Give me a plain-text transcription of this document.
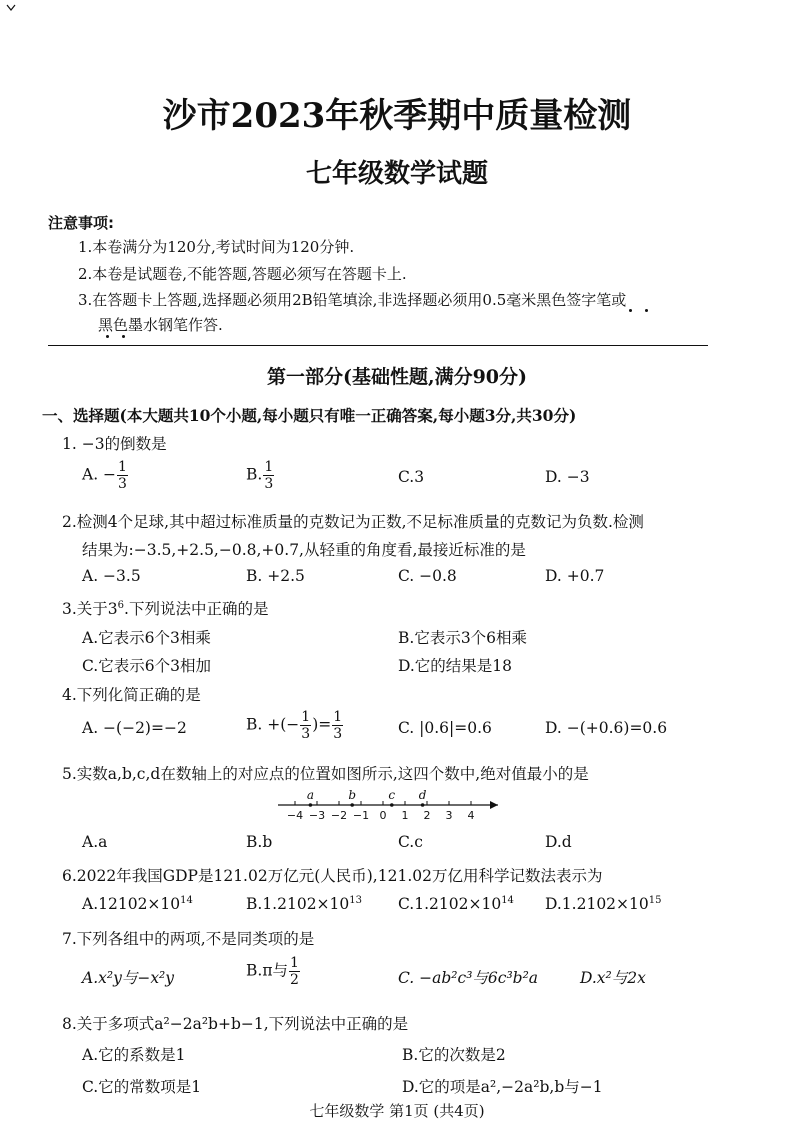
沙市2023年秋季期中质量检测
七年级数学试题
注意事项:
1.本卷满分为120分,考试时间为120分钟.
2.本卷是试题卷,不能答题,答题必须写在答题卡上.
3.在答题卡上答题,选择题必须用2B铅笔填涂,非选择题必须用0.5毫米黑色签字笔或
黑色墨水钢笔作答.
第一部分(基础性题,满分90分)
一、选择题(本大题共10个小题,每小题只有唯一正确答案,每小题3分,共30分)
1. −3的倒数是
A. − $\frac{1}{3}$	B. $\frac{1}{3}$	C.3	D. −3
2.检测4个足球,其中超过标准质量的克数记为正数,不足标准质量的克数记为负数.检测
结果为:−3.5,+2.5,−0.8,+0.7,从轻重的角度看,最接近标准的是
A. −3.5	B. +2.5	C. −0.8	D. +0.7
3.关于$3^6$.下列说法中正确的是
A.它表示6个3相乘	B.它表示3个6相乘
C.它表示6个3相加	D.它的结果是18
4.下列化简正确的是
A. −(−2)=−2	B. +(− $\frac{1}{3}$ )= $\frac{1}{3}$	C. |0.6|=0.6	D. −(+0.6)=0.6
5.实数a,b,c,d在数轴上的对应点的位置如图所示,这四个数中,绝对值最小的是
−4 −3 −2 −1 0 1 2 3 4
a	b	c d
A.a	B.b	C.c	D.d
6.2022年我国GDP是121.02万亿元(人民币),121.02万亿用科学记数法表示为
$A.12102\times 10^{14}$	$B.1.2102\times 10^{13}$ $C.1.2102\times 10^{14}$ $D.1.2102\times 10^{15}$
7.下列各组中的两项,不是同类项的是
A.x²y与−x²y	B.π与 $\frac{1}{2}$	C. −ab²c³与6c³b²a	D.x²与2x
8.关于多项式a²−2a²b+b−1,下列说法中正确的是
A.它的系数是1	B.它的次数是2
C.它的常数项是1	D.它的项是a²,−2a²b,b与−1
七年级数学 第1页 (共4页)
